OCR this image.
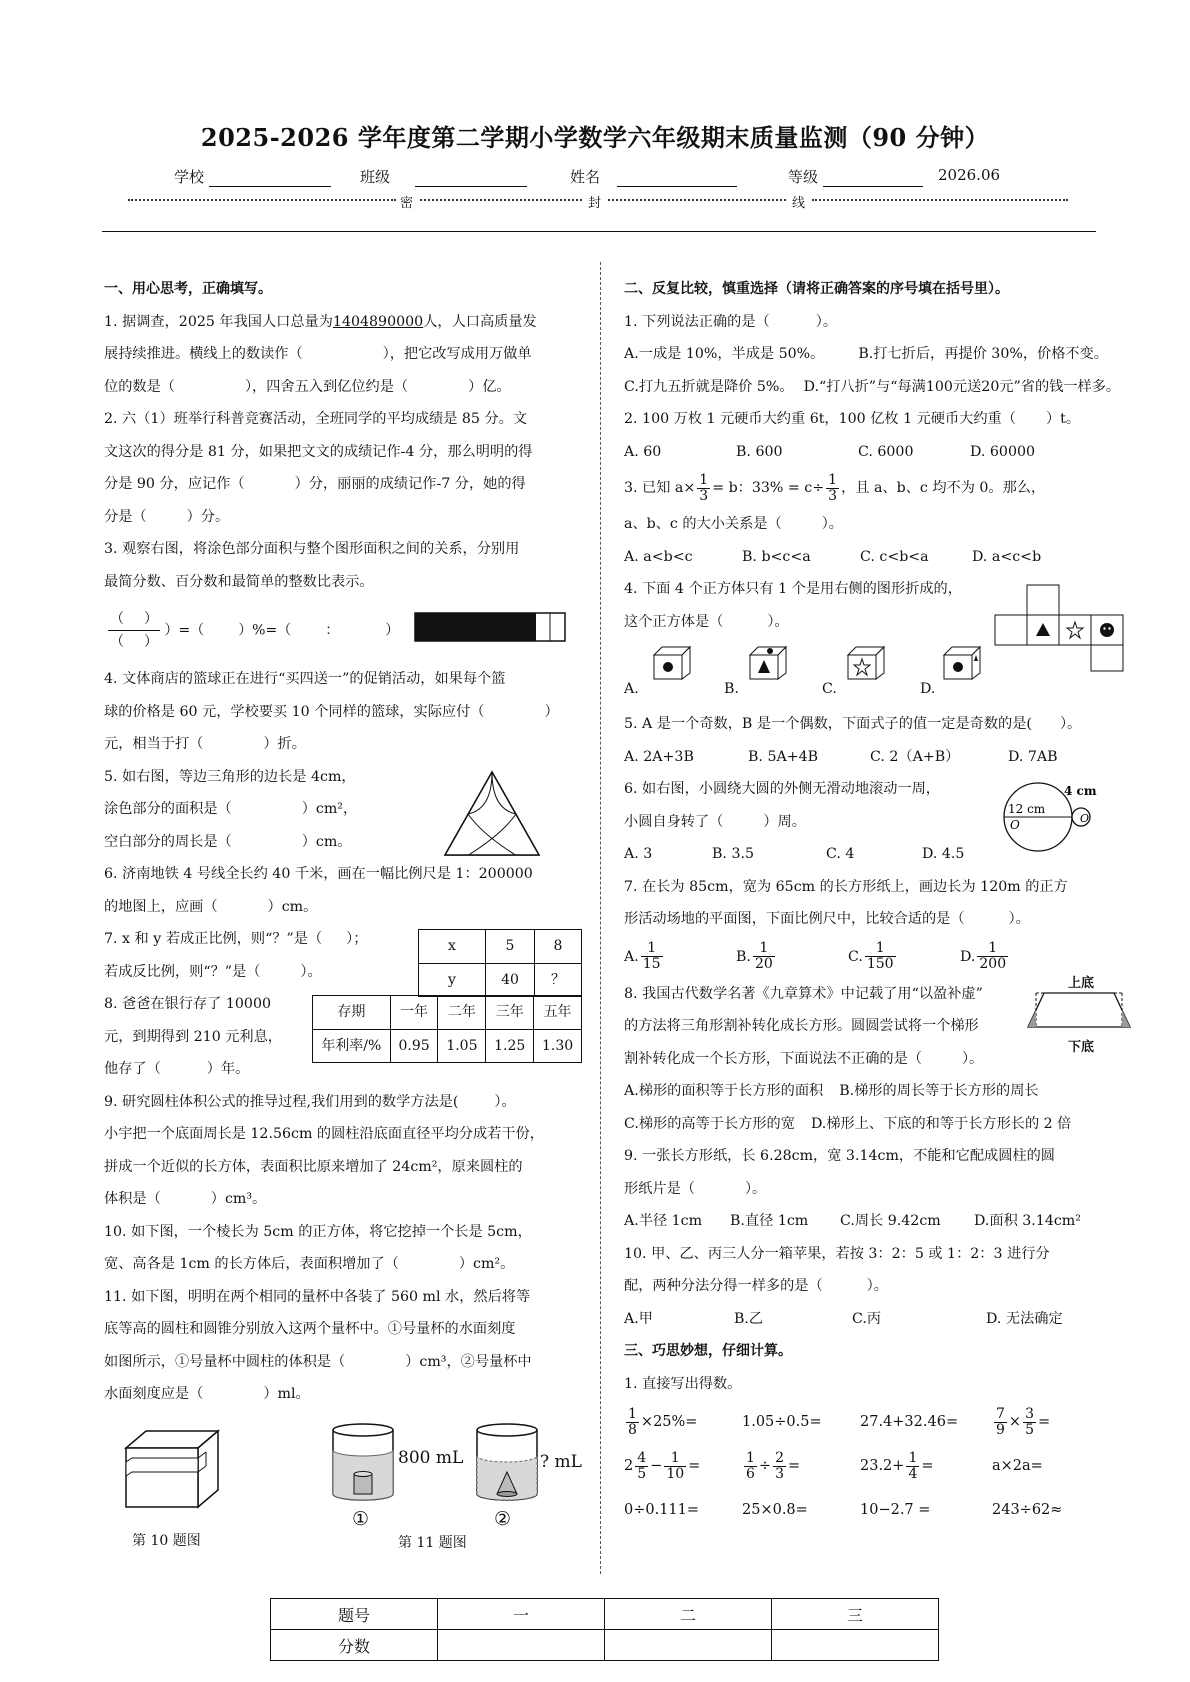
2025-2026 学年度第二学期小学数学六年级期末质量监测（90 分钟）
学校	班级	姓名	等级	2026.06
密	封	线

一、用心思考，正确填写。

1. 据调查，2025 年我国人口总量为1404890000人，人口高质量发

展持续推进。横线上的数读作（	），把它改写成用万做单

位的数是（	），四舍五入到亿位约是（	）亿。

2. 六（1）班举行科普竞赛活动，全班同学的平均成绩是 85 分。文

文这次的得分是 81 分，如果把文文的成绩记作-4 分，那么明明的得

分是 90 分，应记作（	）分，丽丽的成绩记作-7 分，她的得

分是（	）分。

3. 观察右图，将涂色部分面积与整个图形面积之间的关系，分别用

最简分数、百分数和最简单的整数比表示。

（ ）
（ ）
）=（ ）%=（ ：	）

4. 文体商店的篮球正在进行“买四送一”的促销活动，如果每个篮

球的价格是 60 元，学校要买 10 个同样的篮球，实际应付（	）

元，相当于打（	）折。

5. 如右图，等边三角形的边长是 4cm，

涂色部分的面积是（	）cm²，

空白部分的周长是（	）cm。

6. 济南地铁 4 号线全长约 40 千米，画在一幅比例尺是 1：200000

的地图上，应画（	）cm。

7. x 和 y 若成正比例，则“？”是（ ）；

若成反比例，则“？”是（	）。

x	5	8
y	40	？

8. 爸爸在银行存了 10000

元，到期得到 210 元利息，

他存了（	）年。

存期	一年	二年	三年	五年
年利率/%	0.95	1.05	1.25	1.30

9. 研究圆柱体积公式的推导过程,我们用到的数学方法是(	）。

小宇把一个底面周长是 12.56cm 的圆柱沿底面直径平均分成若干份，

拼成一个近似的长方体，表面积比原来增加了 24cm²，原来圆柱的

体积是（	）cm³。

10. 如下图，一个棱长为 5cm 的正方体，将它挖掉一个长是 5cm，

宽、高各是 1cm 的长方体后，表面积增加了（	）cm²。

11. 如下图，明明在两个相同的量杯中各装了 560 ml 水，然后将等

底等高的圆柱和圆锥分别放入这两个量杯中。①号量杯的水面刻度

如图所示，①号量杯中圆柱的体积是（	）cm³，②号量杯中

水面刻度应是（	）ml。

第 10 题图
800 mL
①
? mL
②
第 11 题图

二、反复比较，慎重选择（请将正确答案的序号填在括号里）。

1. 下列说法正确的是（	）。

A.一成是 10%，半成是 50%。 B.打七折后，再提价 30%，价格不变。

C.打九五折就是降价 5%。 D.“打八折”与“每满100元送20元”省的钱一样多。

2. 100 万枚 1 元硬币大约重 6t，100 亿枚 1 元硬币大约重（ ）t。

A. 60	B. 600	C. 6000	D. 60000

3. 已知 $a\times \frac{1}{3} = b$：$33\% = c\div \frac{1}{3}$ ，且 a、b、c 均不为 0。那么，

a、b、c 的大小关系是（	）。

A. a<b<c	B. b<c<a	C. c<b<a	D. a<c<b

4. 下面 4 个正方体只有 1 个是用右侧的图形折成的，

这个正方体是（	）。

A.	B.	C.	D.

5. A 是一个奇数，B 是一个偶数，下面式子的值一定是奇数的是( ）。

A. 2A+3B	B. 5A+4B	C. 2（A+B）	D. 7AB

6. 如右图，小圆绕大圆的外侧无滑动地滚动一周，

小圆自身转了（	）周。

A. 3	B. 3.5	C. 4	D. 4.5

12 cm
4 cm
O	O

7. 在长为 85cm，宽为 65cm 的长方形纸上，画边长为 120m 的正方

形活动场地的平面图，下面比例尺中，比较合适的是（	）。

A. $\frac{1}{15}$	B. $\frac{1}{20}$	C. $\frac{1}{150}$	D. $\frac{1}{200}$

8. 我国古代数学名著《九章算术》中记载了用“以盈补虚”

的方法将三角形割补转化成长方形。圆圆尝试将一个梯形

割补转化成一个长方形，下面说法不正确的是（	）。

A.梯形的面积等于长方形的面积 B.梯形的周长等于长方形的周长

C.梯形的高等于长方形的宽 D.梯形上、下底的和等于长方形长的 2 倍

上底
下底

9. 一张长方形纸，长 6.28cm，宽 3.14cm，不能和它配成圆柱的圆

形纸片是（	）。

A.半径 1cm B.直径 1cm C.周长 9.42cm D.面积 3.14cm²

10. 甲、乙、丙三人分一箱苹果，若按 3：2：5 或 1：2：3 进行分

配，两种分法分得一样多的是（	）。

A.甲	B.乙	C.丙	D. 无法确定

三、巧思妙想，仔细计算。

1. 直接写出得数。

$\frac{1}{8} \times 25\%=$	1.05÷0.5=	27.4+32.46=	$\frac{7}{9} \times \frac{3}{5}$ =

$2 \frac{4}{5} - \frac{1}{10}$ =	$\frac{1}{6} \div \frac{2}{3}$ =	$23.2+ \frac{1}{4}$ =	a×2a=

0÷0.111=	25×0.8=	10−2.7 =	243÷62≈

题号	一	二	三
分数			
